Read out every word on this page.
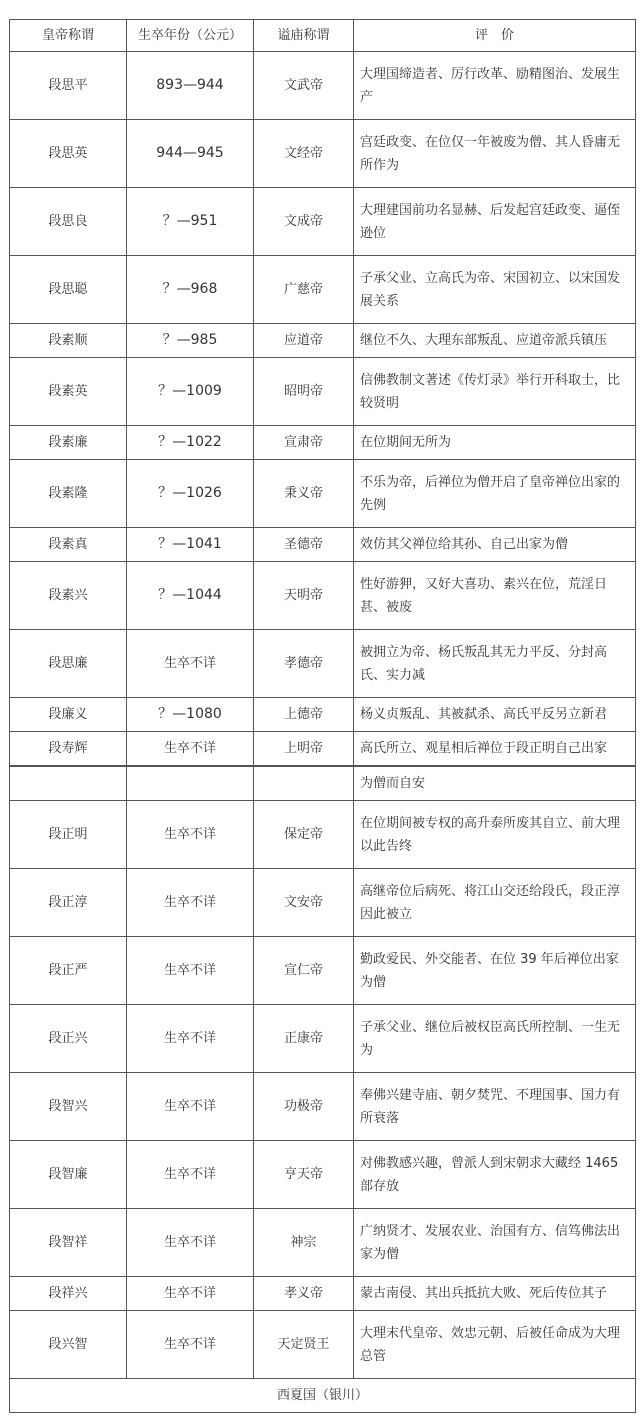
皇帝称谓	生卒年份（公元）	谥庙称谓	评　价
段思平	893—944	文武帝	大理国缔造者、厉行改革、励精图治、发展生产
段思英	944—945	文经帝	宫廷政变、在位仅一年被废为僧、其人昏庸无所作为
段思良	？—951	文成帝	大理建国前功名显赫、后发起宫廷政变、逼侄逊位
段思聪	？—968	广慈帝	子承父业、立高氏为帝、宋国初立、以宋国发展关系
段素顺	？—985	应道帝	继位不久、大理东部叛乱、应道帝派兵镇压
段素英	？—1009	昭明帝	信佛教制文著述《传灯录》举行开科取士，比较贤明
段素廉	？—1022	宣肃帝	在位期间无所为
段素隆	？—1026	秉义帝	不乐为帝，后禅位为僧开启了皇帝禅位出家的先例
段素真	？—1041	圣德帝	效仿其父禅位给其孙、自己出家为僧
段素兴	？—1044	天明帝	性好游狎，又好大喜功、素兴在位，荒淫日甚、被废
段思廉	生卒不详	孝德帝	被拥立为帝、杨氏叛乱其无力平反、分封高氏、实力减
段廉义	？—1080	上德帝	杨义贞叛乱、其被弑杀、高氏平反另立新君
段寿辉	生卒不详	上明帝	高氏所立、观星相后禅位于段正明自己出家
			为僧而自安
段正明	生卒不详	保定帝	在位期间被专权的高升泰所废其自立、前大理以此告终
段正淳	生卒不详	文安帝	高继帝位后病死、将江山交还给段氏，段正淳因此被立
段正严	生卒不详	宣仁帝	勤政爱民、外交能者、在位 39 年后禅位出家为僧
段正兴	生卒不详	正康帝	子承父业、继位后被权臣高氏所控制、一生无为
段智兴	生卒不详	功极帝	奉佛兴建寺庙、朝夕焚咒、不理国事、国力有所衰落
段智廉	生卒不详	亨天帝	对佛教感兴趣，曾派人到宋朝求大藏经 1465 部存放
段智祥	生卒不详	神宗	广纳贤才、发展农业、治国有方、信笃佛法出家为僧
段祥兴	生卒不详	孝义帝	蒙古南侵、其出兵抵抗大败、死后传位其子
段兴智	生卒不详	天定贤王	大理末代皇帝、效忠元朝、后被任命成为大理总管
西夏国（银川）			
